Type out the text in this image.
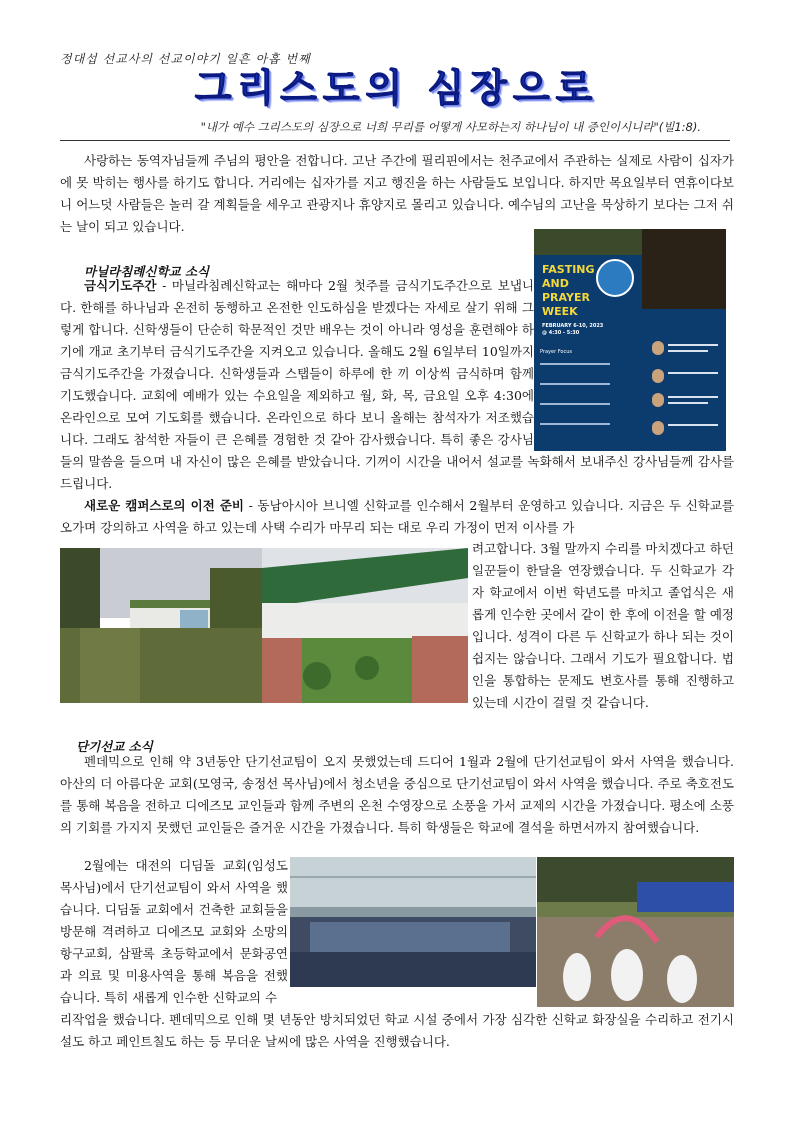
정대섭 선교사의 선교이야기 일흔 아홉 번째
그리스도의 심장으로
"내가 예수 그리스도의 심장으로 너희 무리를 어떻게 사모하는지 하나님이 내 증인이시니라"(빌1:8).
사랑하는 동역자님들께 주님의 평안을 전합니다. 고난 주간에 필리핀에서는 천주교에서 주관하는 실제로 사람이 십자가에 못 박히는 행사를 하기도 합니다. 거리에는 십자가를 지고 행진을 하는 사람들도 보입니다. 하지만 목요일부터 연휴이다보니 어느덧 사람들은 놀러 갈 계획들을 세우고 관광지나 휴양지로 몰리고 있습니다. 예수님의 고난을 묵상하기 보다는 그저 쉬는 날이 되고 있습니다.
마닐라침례신학교 소식
금식기도주간 - 마닐라침례신학교는 해마다 2월 첫주를 금식기도주간으로 보냅니다. 한해를 하나님과 온전히 동행하고 온전한 인도하심을 받겠다는 자세로 살기 위해 그렇게 합니다. 신학생들이 단순히 학문적인 것만 배우는 것이 아니라 영성을 훈련해야 하기에 개교 초기부터 금식기도주간을 지켜오고 있습니다. 올해도 2월 6일부터 10일까지 금식기도주간을 가졌습니다. 신학생들과 스탭들이 하루에 한 끼 이상씩 금식하며 함께 기도했습니다. 교회에 예배가 있는 수요일을 제외하고 월, 화, 목, 금요일 오후 4:30에 온라인으로 모여 기도회를 했습니다. 온라인으로 하다 보니 올해는 참석자가 저조했습니다. 그래도 참석한 자들이 큰 은혜를 경험한 것 같아 감사했습니다. 특히 좋은 강사님들의 말씀을 들으며 내 자신이 많은 은혜를 받았습니다. 기꺼이 시간을 내어서 설교를 녹화해서 보내주신 강사님들께 감사를 드립니다.
FASTING
AND
PRAYER
WEEK
FEBRUARY 6-10, 2023
@ 4:30 - 5:30
Prayer Focus
새로운 캠퍼스로의 이전 준비 - 동남아시아 브니엘 신학교를 인수해서 2월부터 운영하고 있습니다. 지금은 두 신학교를 오가며 강의하고 사역을 하고 있는데 사택 수리가 마무리 되는 대로 우리 가정이 먼저 이사를 가
려고합니다. 3월 말까지 수리를 마치겠다고 하던 일꾼들이 한달을 연장했습니다. 두 신학교가 각자 학교에서 이번 학년도를 마치고 졸업식은 새롭게 인수한 곳에서 같이 한 후에 이전을 할 예정입니다. 성격이 다른 두 신학교가 하나 되는 것이 쉽지는 않습니다. 그래서 기도가 필요합니다. 법인을 통합하는 문제도 변호사를 통해 진행하고 있는데 시간이 걸릴 것 같습니다.
단기선교 소식
펜데믹으로 인해 약 3년동안 단기선교팀이 오지 못했었는데 드디어 1월과 2월에 단기선교팀이 와서 사역을 했습니다. 아산의 더 아름다운 교회(모영국, 송정선 목사님)에서 청소년을 중심으로 단기선교팀이 와서 사역을 했습니다. 주로 축호전도를 통해 복음을 전하고 디에즈모 교인들과 함께 주변의 온천 수영장으로 소풍을 가서 교제의 시간을 가졌습니다. 평소에 소풍의 기회를 가지지 못했던 교인들은 즐거운 시간을 가졌습니다. 특히 학생들은 학교에 결석을 하면서까지 참여했습니다.
2월에는 대전의 디딤돌 교회(임성도 목사님)에서 단기선교팀이 와서 사역을 했습니다. 디딤돌 교회에서 건축한 교회들을 방문해 격려하고 디에즈모 교회와 소망의 항구교회, 삼팔록 초등학교에서 문화공연과 의료 및 미용사역을 통해 복음을 전했습니다. 특히 새롭게 인수한 신학교의 수
리작업을 했습니다. 펜데믹으로 인해 몇 년동안 방치되었던 학교 시설 중에서 가장 심각한 신학교 화장실을 수리하고 전기시설도 하고 페인트칠도 하는 등 무더운 날씨에 많은 사역을 진행했습니다.
